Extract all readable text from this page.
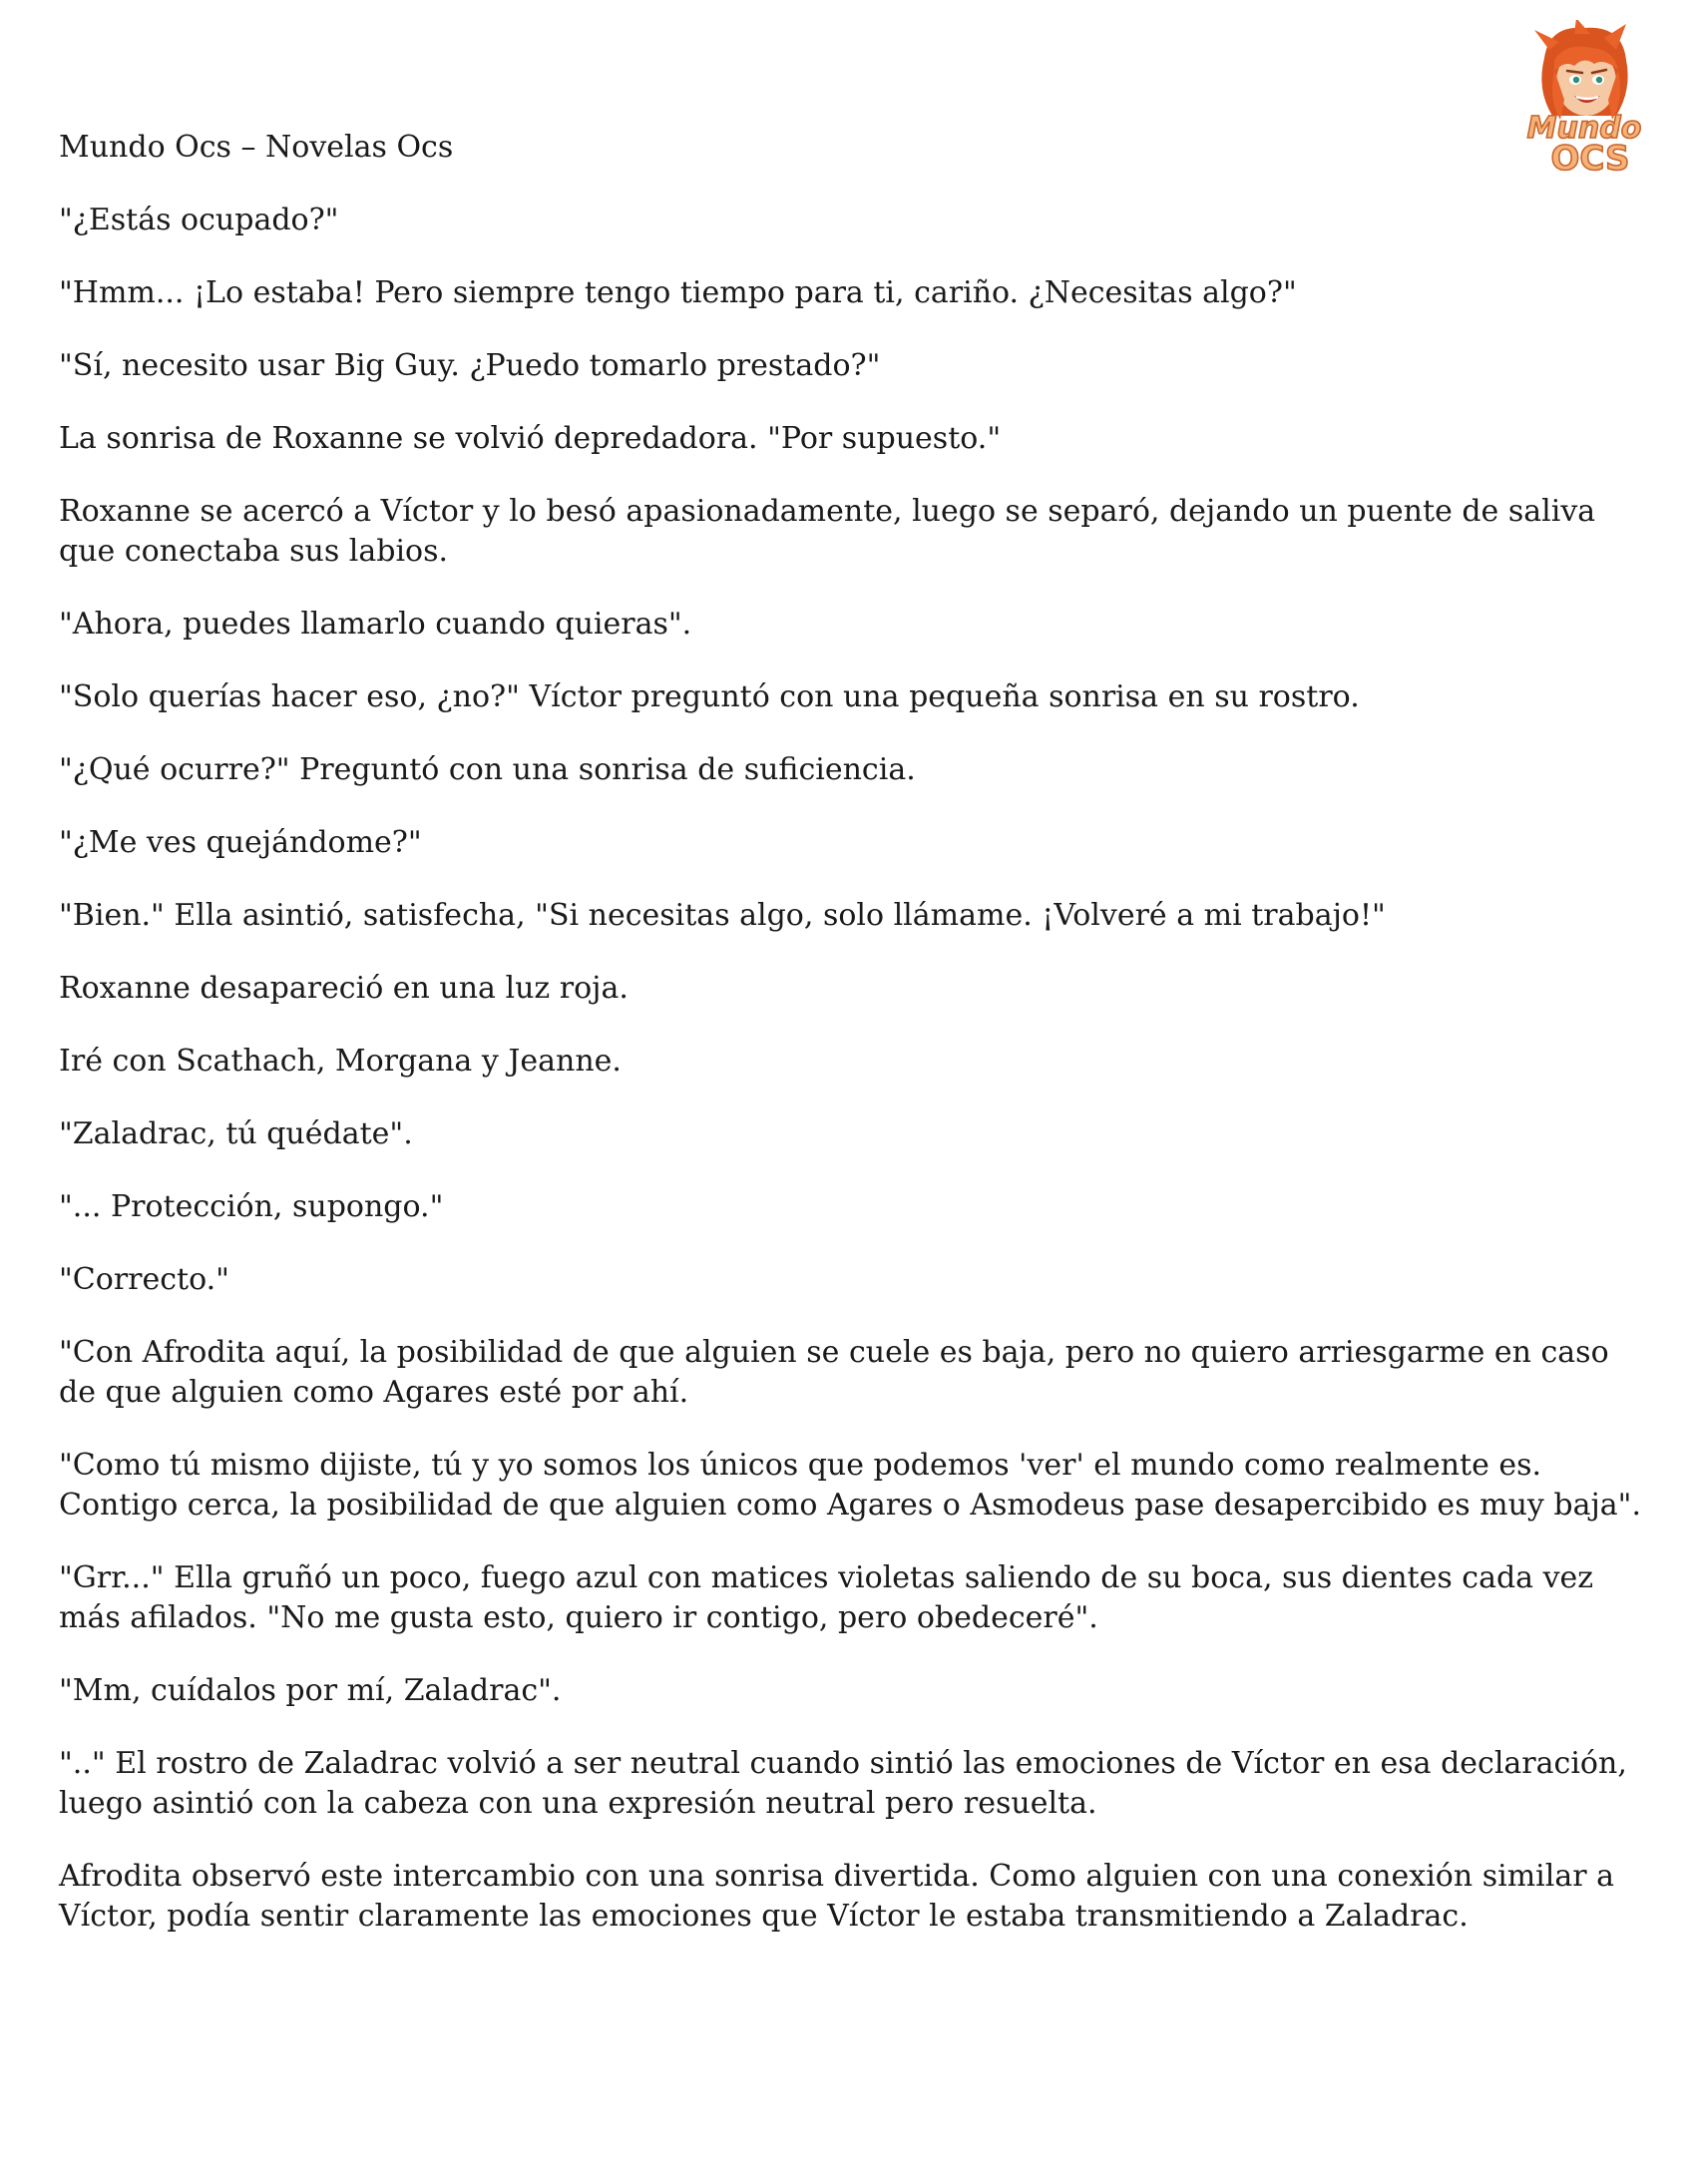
Mundo
OCS

Mundo Ocs – Novelas Ocs

"¿Estás ocupado?"

"Hmm... ¡Lo estaba! Pero siempre tengo tiempo para ti, cariño. ¿Necesitas algo?"

"Sí, necesito usar Big Guy. ¿Puedo tomarlo prestado?"

La sonrisa de Roxanne se volvió depredadora. "Por supuesto."

Roxanne se acercó a Víctor y lo besó apasionadamente, luego se separó, dejando un puente de saliva que conectaba sus labios.

"Ahora, puedes llamarlo cuando quieras".

"Solo querías hacer eso, ¿no?" Víctor preguntó con una pequeña sonrisa en su rostro.

"¿Qué ocurre?" Preguntó con una sonrisa de suficiencia.

"¿Me ves quejándome?"

"Bien." Ella asintió, satisfecha, "Si necesitas algo, solo llámame. ¡Volveré a mi trabajo!"

Roxanne desapareció en una luz roja.

Iré con Scathach, Morgana y Jeanne.

"Zaladrac, tú quédate".

"... Protección, supongo."

"Correcto."

"Con Afrodita aquí, la posibilidad de que alguien se cuele es baja, pero no quiero arriesgarme en caso de que alguien como Agares esté por ahí.

"Como tú mismo dijiste, tú y yo somos los únicos que podemos 'ver' el mundo como realmente es. Contigo cerca, la posibilidad de que alguien como Agares o Asmodeus pase desapercibido es muy baja".

"Grr..." Ella gruñó un poco, fuego azul con matices violetas saliendo de su boca, sus dientes cada vez más afilados. "No me gusta esto, quiero ir contigo, pero obedeceré".

"Mm, cuídalos por mí, Zaladrac".

".." El rostro de Zaladrac volvió a ser neutral cuando sintió las emociones de Víctor en esa declaración, luego asintió con la cabeza con una expresión neutral pero resuelta.

Afrodita observó este intercambio con una sonrisa divertida. Como alguien con una conexión similar a Víctor, podía sentir claramente las emociones que Víctor le estaba transmitiendo a Zaladrac.
